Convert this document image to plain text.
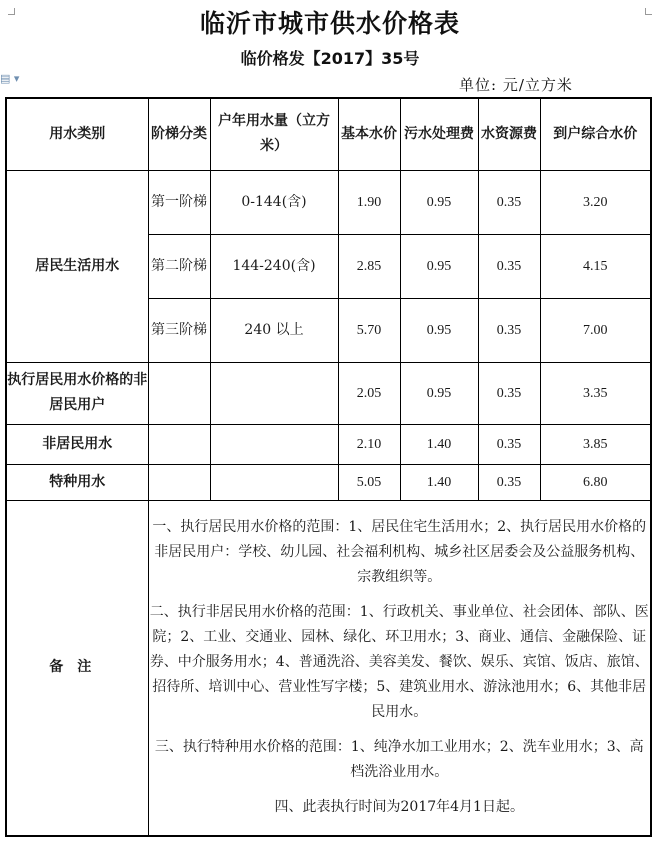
▤ ▾
临沂市城市供水价格表
临价格发【2017】35号
单位: 元/立方米
用水类别	阶梯分类	户年用水量（立方米）	基本水价	污水处理费	水资源费	到户综合水价
居民生活用水	第一阶梯	0-144(含)	1.90	0.95	0.35	3.20
	第二阶梯	144-240(含)	2.85	0.95	0.35	4.15
	第三阶梯	240 以上	5.70	0.95	0.35	7.00
执行居民用水价格的非居民用户			2.05	0.95	0.35	3.35
非居民用水			2.10	1.40	0.35	3.85
特种用水			5.05	1.40	0.35	6.80
备注	一、执行居民用水价格的范围：1、居民住宅生活用水；2、执行居民用水价格的非居民用户：学校、幼儿园、社会福利机构、城乡社区居委会及公益服务机构、宗教组织等。

二、执行非居民用水价格的范围：1、行政机关、事业单位、社会团体、部队、医院；2、工业、交通业、园林、绿化、环卫用水；3、商业、通信、金融保险、证券、中介服务用水；4、普通洗浴、美容美发、餐饮、娱乐、宾馆、饭店、旅馆、招待所、培训中心、营业性写字楼；5、建筑业用水、游泳池用水；6、其他非居民用水。

三、执行特种用水价格的范围：1、纯净水加工业用水；2、洗车业用水；3、高档洗浴业用水。

四、此表执行时间为2017年4月1日起。					
